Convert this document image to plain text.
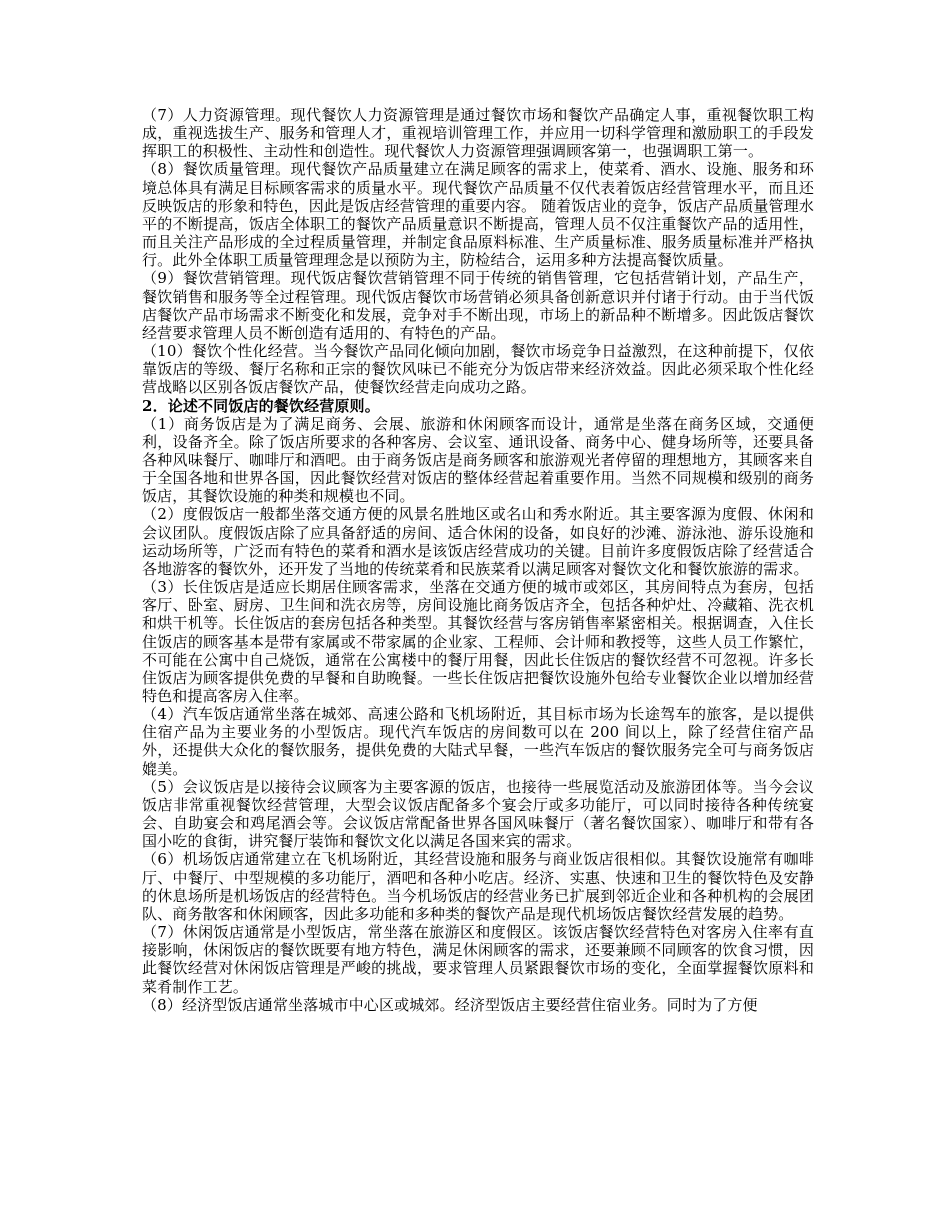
（7）人力资源管理。现代餐饮人力资源管理是通过餐饮市场和餐饮产品确定人事，重视餐饮职工构成，重视选拔生产、服务和管理人才，重视培训管理工作，并应用一切科学管理和激励职工的手段发挥职工的积极性、主动性和创造性。现代餐饮人力资源管理强调顾客第一，也强调职工第一。

（8）餐饮质量管理。现代餐饮产品质量建立在满足顾客的需求上，使菜肴、酒水、设施、服务和环境总体具有满足目标顾客需求的质量水平。现代餐饮产品质量不仅代表着饭店经营管理水平，而且还反映饭店的形象和特色，因此是饭店经营管理的重要内容。 随着饭店业的竞争，饭店产品质量管理水平的不断提高，饭店全体职工的餐饮产品质量意识不断提高，管理人员不仅注重餐饮产品的适用性，而且关注产品形成的全过程质量管理，并制定食品原料标准、生产质量标准、服务质量标准并严格执行。此外全体职工质量管理理念是以预防为主，防检结合，运用多种方法提高餐饮质量。

（9）餐饮营销管理。现代饭店餐饮营销管理不同于传统的销售管理，它包括营销计划，产品生产，餐饮销售和服务等全过程管理。现代饭店餐饮市场营销必须具备创新意识并付诸于行动。由于当代饭店餐饮产品市场需求不断变化和发展，竞争对手不断出现，市场上的新品种不断增多。因此饭店餐饮经营要求管理人员不断创造有适用的、有特色的产品。

（10）餐饮个性化经营。当今餐饮产品同化倾向加剧，餐饮市场竞争日益激烈，在这种前提下，仅依靠饭店的等级、餐厅名称和正宗的餐饮风味已不能充分为饭店带来经济效益。因此必须采取个性化经营战略以区别各饭店餐饮产品，使餐饮经营走向成功之路。

2．论述不同饭店的餐饮经营原则。

（1）商务饭店是为了满足商务、会展、旅游和休闲顾客而设计，通常是坐落在商务区域，交通便利，设备齐全。除了饭店所要求的各种客房、会议室、通讯设备、商务中心、健身场所等，还要具备各种风味餐厅、咖啡厅和酒吧。由于商务饭店是商务顾客和旅游观光者停留的理想地方，其顾客来自于全国各地和世界各国，因此餐饮经营对饭店的整体经营起着重要作用。当然不同规模和级别的商务饭店，其餐饮设施的种类和规模也不同。

（2）度假饭店一般都坐落交通方便的风景名胜地区或名山和秀水附近。其主要客源为度假、休闲和会议团队。度假饭店除了应具备舒适的房间、适合休闲的设备，如良好的沙滩、游泳池、游乐设施和运动场所等，广泛而有特色的菜肴和酒水是该饭店经营成功的关键。目前许多度假饭店除了经营适合各地游客的餐饮外，还开发了当地的传统菜肴和民族菜肴以满足顾客对餐饮文化和餐饮旅游的需求。

（3）长住饭店是适应长期居住顾客需求，坐落在交通方便的城市或郊区，其房间特点为套房，包括客厅、卧室、厨房、卫生间和洗衣房等，房间设施比商务饭店齐全，包括各种炉灶、冷藏箱、洗衣机和烘干机等。长住饭店的套房包括各种类型。其餐饮经营与客房销售率紧密相关。根据调查，入住长住饭店的顾客基本是带有家属或不带家属的企业家、工程师、会计师和教授等，这些人员工作繁忙，不可能在公寓中自己烧饭，通常在公寓楼中的餐厅用餐，因此长住饭店的餐饮经营不可忽视。许多长住饭店为顾客提供免费的早餐和自助晚餐。一些长住饭店把餐饮设施外包给专业餐饮企业以增加经营特色和提高客房入住率。

（4）汽车饭店通常坐落在城郊、高速公路和飞机场附近，其目标市场为长途驾车的旅客，是以提供住宿产品为主要业务的小型饭店。现代汽车饭店的房间数可以在 200 间以上，除了经营住宿产品外，还提供大众化的餐饮服务，提供免费的大陆式早餐，一些汽车饭店的餐饮服务完全可与商务饭店媲美。

（5）会议饭店是以接待会议顾客为主要客源的饭店，也接待一些展览活动及旅游团体等。当今会议饭店非常重视餐饮经营管理，大型会议饭店配备多个宴会厅或多功能厅，可以同时接待各种传统宴会、自助宴会和鸡尾酒会等。会议饭店常配备世界各国风味餐厅（著名餐饮国家）、咖啡厅和带有各国小吃的食街，讲究餐厅装饰和餐饮文化以满足各国来宾的需求。

（6）机场饭店通常建立在飞机场附近，其经营设施和服务与商业饭店很相似。其餐饮设施常有咖啡厅、中餐厅、中型规模的多功能厅，酒吧和各种小吃店。经济、实惠、快速和卫生的餐饮特色及安静的休息场所是机场饭店的经营特色。当今机场饭店的经营业务已扩展到邻近企业和各种机构的会展团队、商务散客和休闲顾客，因此多功能和多种类的餐饮产品是现代机场饭店餐饮经营发展的趋势。

（7）休闲饭店通常是小型饭店，常坐落在旅游区和度假区。该饭店餐饮经营特色对客房入住率有直接影响，休闲饭店的餐饮既要有地方特色，满足休闲顾客的需求，还要兼顾不同顾客的饮食习惯，因此餐饮经营对休闲饭店管理是严峻的挑战，要求管理人员紧跟餐饮市场的变化，全面掌握餐饮原料和菜肴制作工艺。

（8）经济型饭店通常坐落城市中心区或城郊。经济型饭店主要经营住宿业务。同时为了方便
